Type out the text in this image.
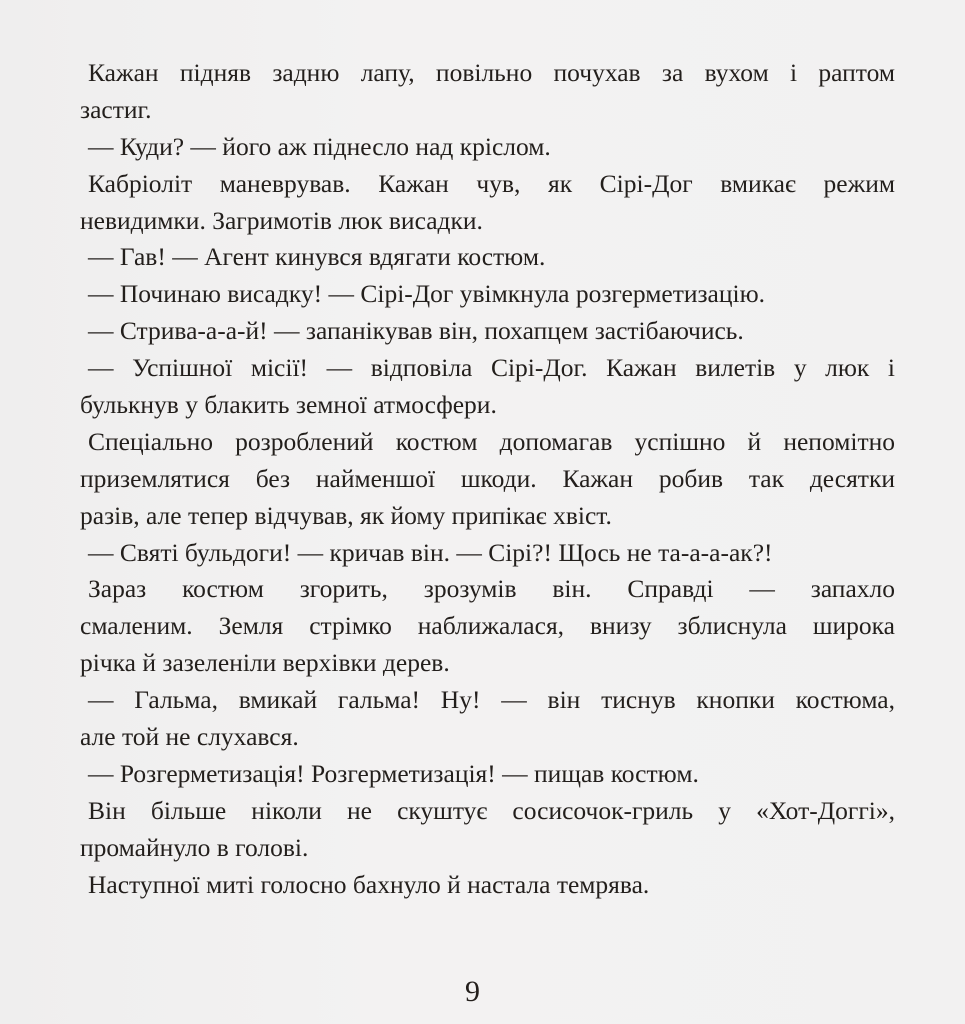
Кажан підняв задню лапу, повільно почухав за вухом і раптом
застиг.
— Куди? — його аж піднесло над кріслом.
Кабріоліт маневрував. Кажан чув, як Сірі-Дог вмикає режим
невидимки. Загримотів люк висадки.
— Гав! — Агент кинувся вдягати костюм.
— Починаю висадку! — Сірі-Дог увімкнула розгерметизацію.
— Стрива-а-а-й! — запанікував він, похапцем застібаючись.
— Успішної місії! — відповіла Сірі-Дог. Кажан вилетів у люк і
булькнув у блакить земної атмосфери.
Спеціально розроблений костюм допомагав успішно й непомітно
приземлятися без найменшої шкоди. Кажан робив так десятки
разів, але тепер відчував, як йому припікає хвіст.
— Святі бульдоги! — кричав він. — Сірі?! Щось не та-а-а-ак?!
Зараз костюм згорить, зрозумів він. Справді — запахло
смаленим. Земля стрімко наближалася, внизу зблиснула широка
річка й зазеленіли верхівки дерев.
— Гальма, вмикай гальма! Ну! — він тиснув кнопки костюма,
але той не слухався.
— Розгерметизація! Розгерметизація! — пищав костюм.
Він більше ніколи не скуштує сосисочок-гриль у «Хот-Доггі»,
промайнуло в голові.
Наступної миті голосно бахнуло й настала темрява.
9
